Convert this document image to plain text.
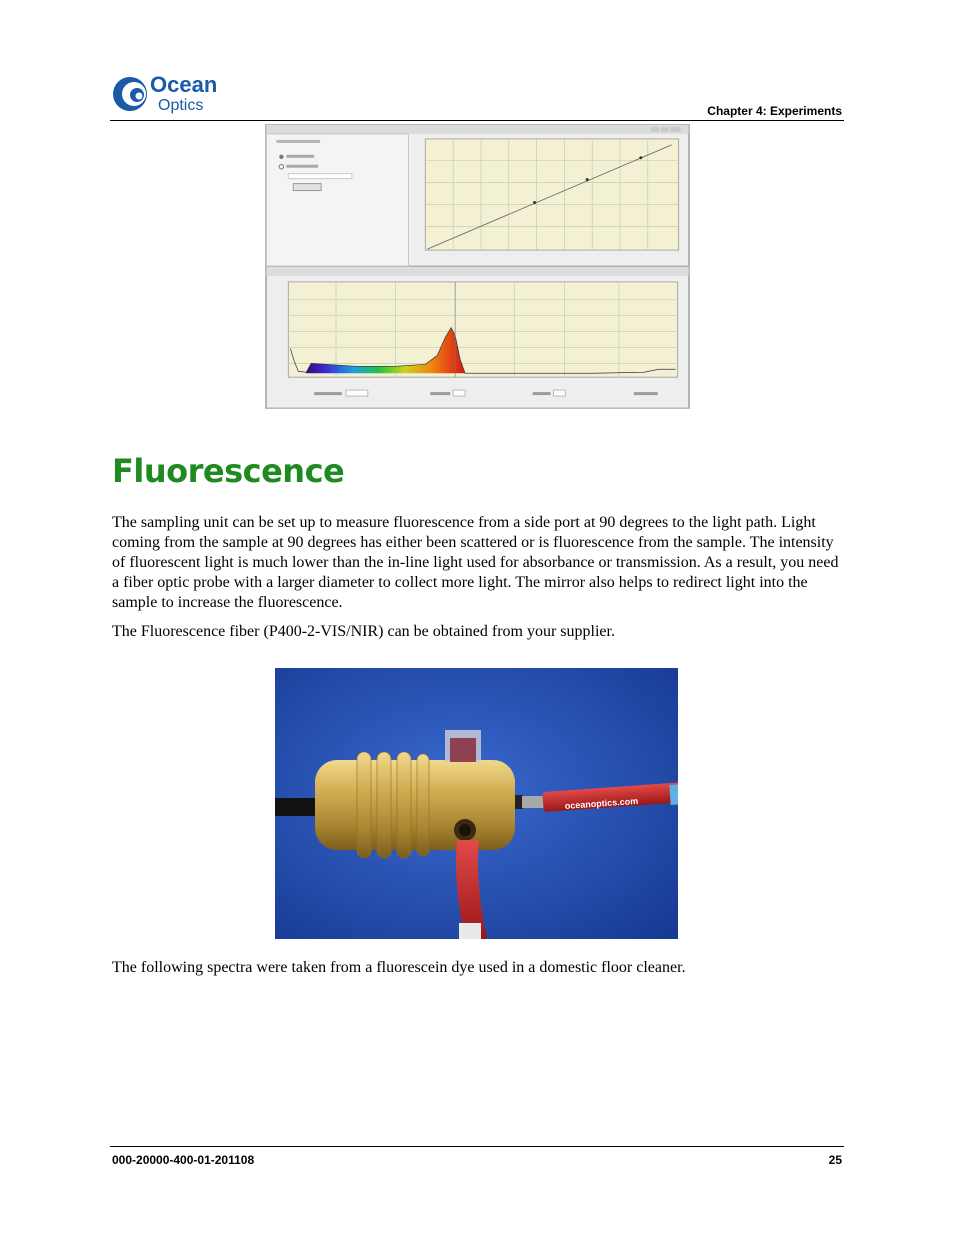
Ocean
Optics	Chapter 4: Experiments
Fluorescence

The sampling unit can be set up to measure fluorescence from a side port at 90 degrees to the light path. Light coming from the sample at 90 degrees has either been scattered or is fluorescence from the sample. The intensity of fluorescent light is much lower than the in-line light used for absorbance or transmission. As a result, you need a fiber optic probe with a larger diameter to collect more light. The mirror also helps to redirect light into the sample to increase the fluorescence.

The Fluorescence fiber (P400-2-VIS/NIR) can be obtained from your supplier.

oceanoptics.com

The following spectra were taken from a fluorescein dye used in a domestic floor cleaner.

000-20000-400-01-201108	25
